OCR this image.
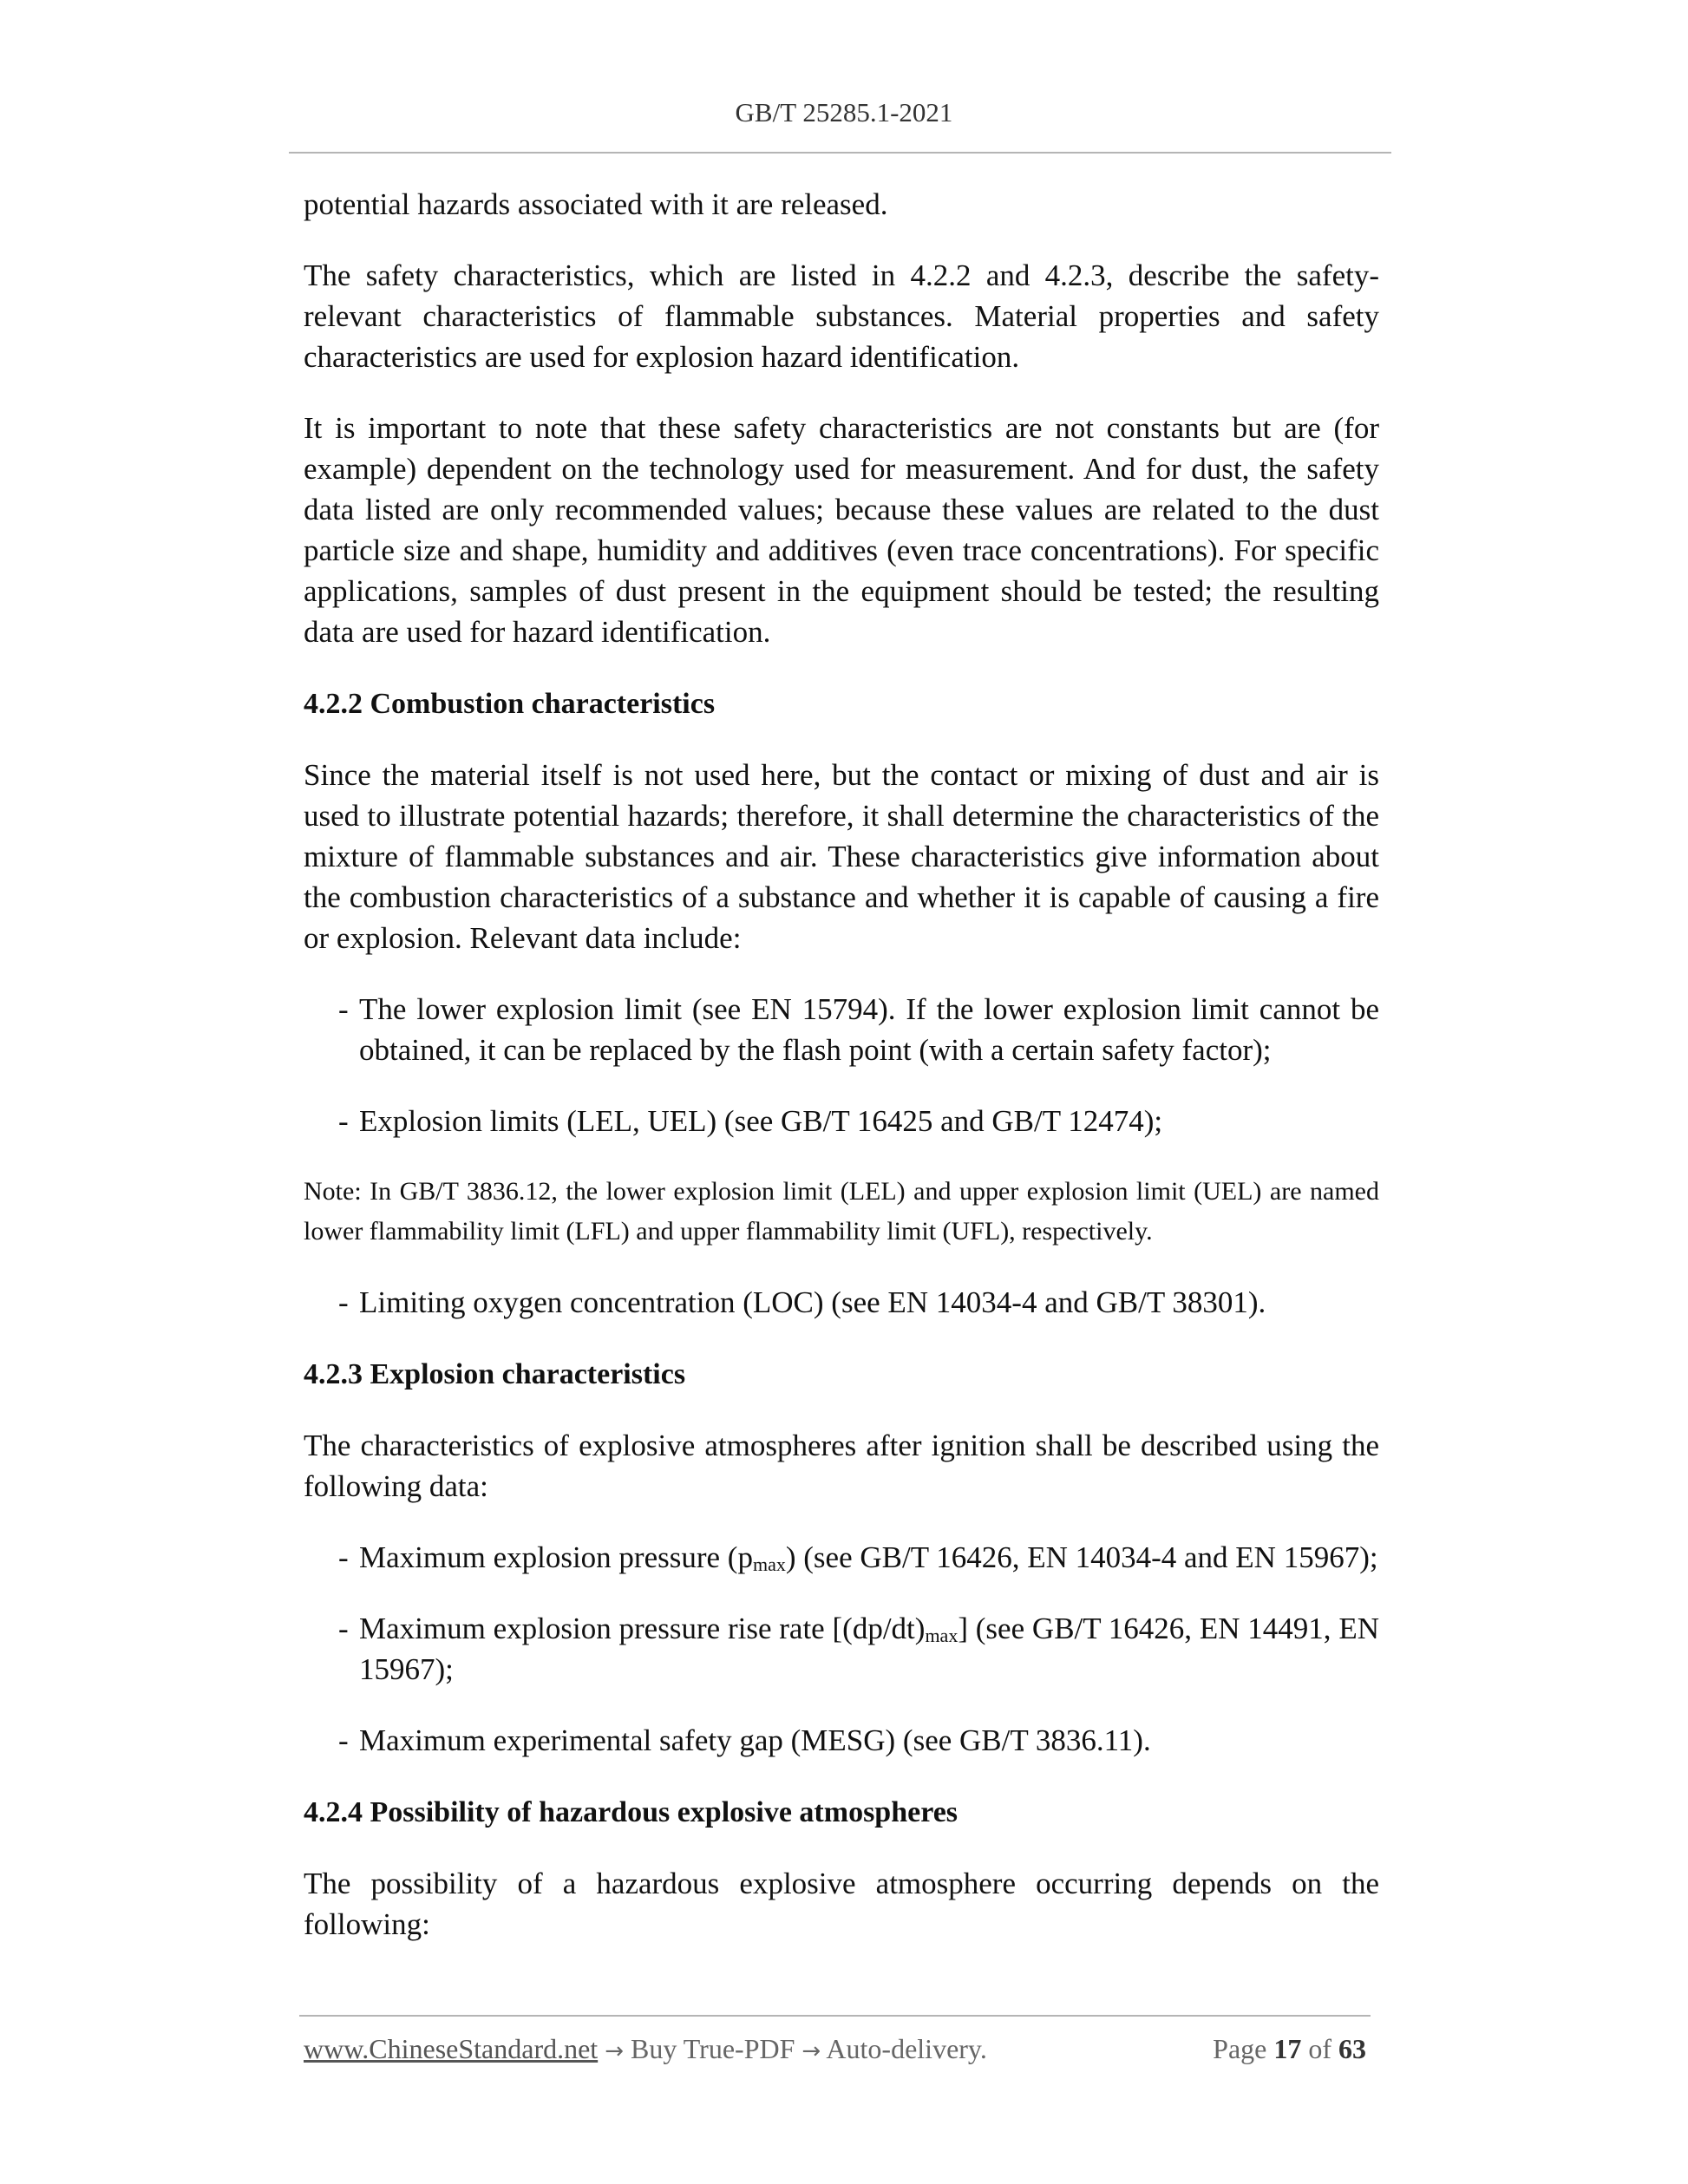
GB/T 25285.1-2021

potential hazards associated with it are released.

The safety characteristics, which are listed in 4.2.2 and 4.2.3, describe the safety-relevant characteristics of flammable substances. Material properties and safety characteristics are used for explosion hazard identification.

It is important to note that these safety characteristics are not constants but are (for example) dependent on the technology used for measurement. And for dust, the safety data listed are only recommended values; because these values are related to the dust particle size and shape, humidity and additives (even trace concentrations). For specific applications, samples of dust present in the equipment should be tested; the resulting data are used for hazard identification.

4.2.2 Combustion characteristics

Since the material itself is not used here, but the contact or mixing of dust and air is used to illustrate potential hazards; therefore, it shall determine the characteristics of the mixture of flammable substances and air. These characteristics give information about the combustion characteristics of a substance and whether it is capable of causing a fire or explosion. Relevant data include:

- The lower explosion limit (see EN 15794). If the lower explosion limit cannot be obtained, it can be replaced by the flash point (with a certain safety factor);
- Explosion limits (LEL, UEL) (see GB/T 16425 and GB/T 12474);

Note: In GB/T 3836.12, the lower explosion limit (LEL) and upper explosion limit (UEL) are named lower flammability limit (LFL) and upper flammability limit (UFL), respectively.

- Limiting oxygen concentration (LOC) (see EN 14034-4 and GB/T 38301).
4.2.3 Explosion characteristics

The characteristics of explosive atmospheres after ignition shall be described using the following data:

- Maximum explosion pressure $(p_{max})$ (see GB/T 16426, EN 14034-4 and EN 15967);
- Maximum explosion pressure rise rate $[(dp/dt)_{max}]$ (see GB/T 16426, EN 14491, EN 15967);
- Maximum experimental safety gap (MESG) (see GB/T 3836.11).
4.2.4 Possibility of hazardous explosive atmospheres

The possibility of a hazardous explosive atmosphere occurring depends on the following:

www.ChineseStandard.net → Buy True-PDF → Auto-delivery.	Page 17 of 63
